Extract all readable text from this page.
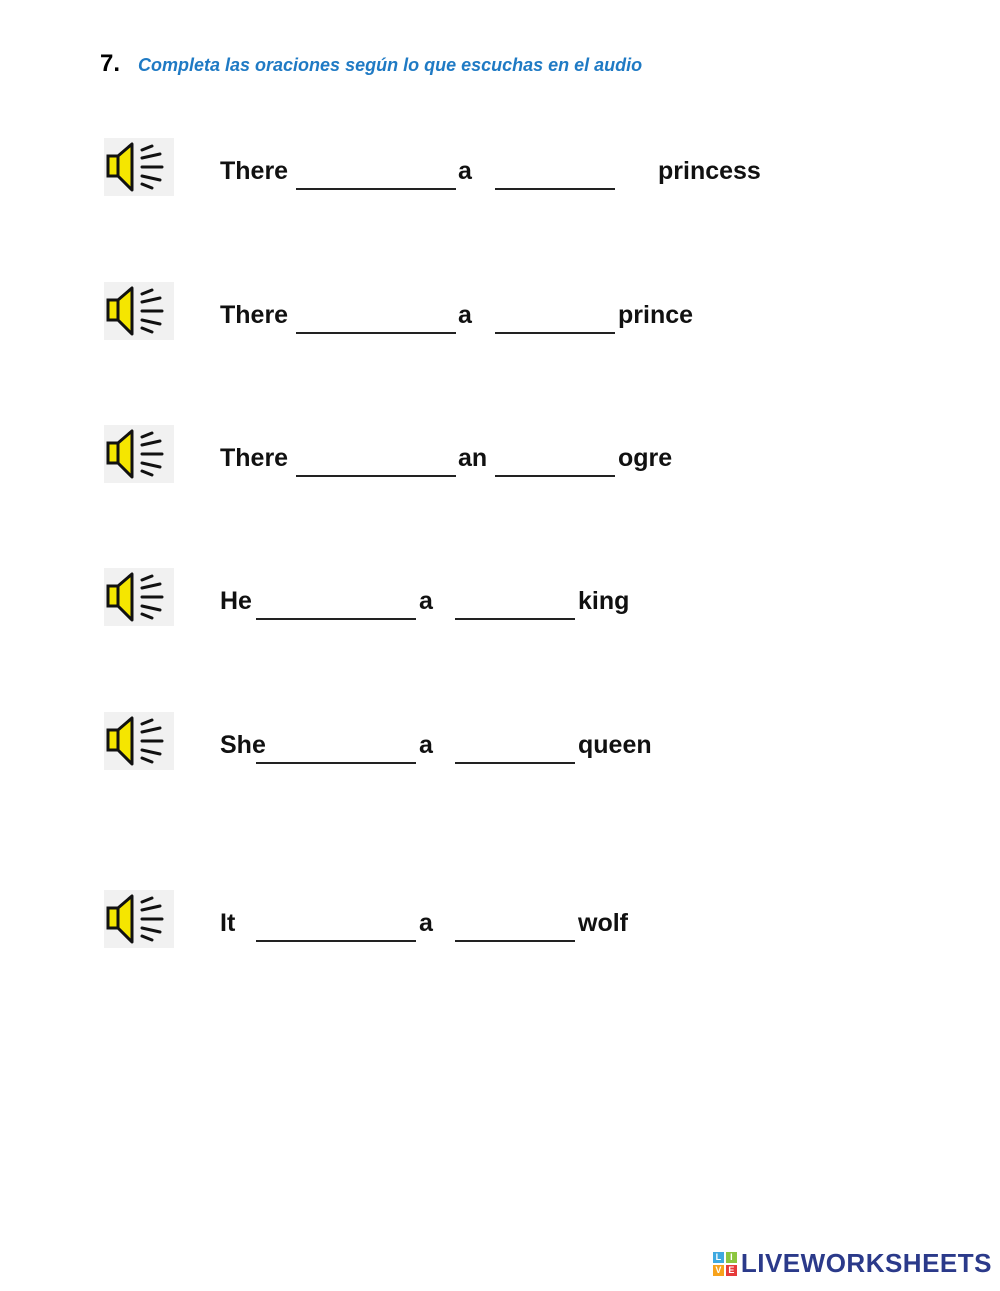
7. Completa las oraciones según lo que escuchas en el audio
There	a	princess
There	a	prince
There	an	ogre
He	a	king
She	a	queen
It	a	wolf
L I
V E LIVEWORKSHEETS
